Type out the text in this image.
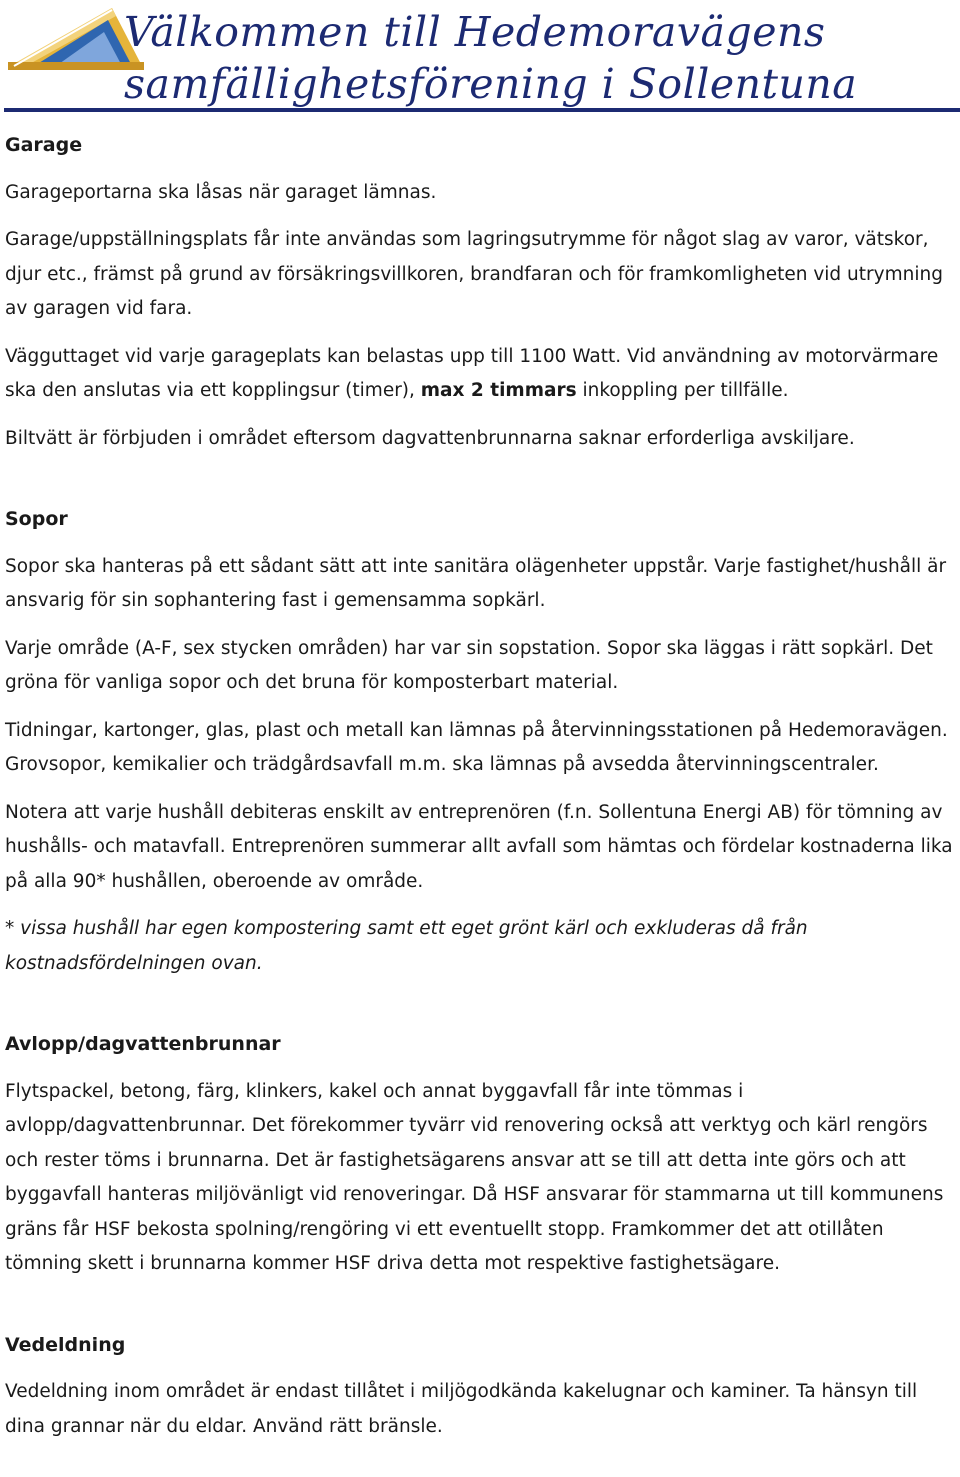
Välkommen till Hedemoravägens
samfällighetsförening i Sollentuna
Garage

Garageportarna ska låsas när garaget lämnas.

Garage/uppställningsplats får inte användas som lagringsutrymme för något slag av varor, vätskor, djur etc., främst på grund av försäkringsvillkoren, brandfaran och för framkomligheten vid utrymning av garagen vid fara.

Vägguttaget vid varje garageplats kan belastas upp till 1100 Watt. Vid användning av motorvärmare ska den anslutas via ett kopplingsur (timer), max 2 timmars inkoppling per tillfälle.

Biltvätt är förbjuden i området eftersom dagvattenbrunnarna saknar erforderliga avskiljare.

Sopor

Sopor ska hanteras på ett sådant sätt att inte sanitära olägenheter uppstår. Varje fastighet/hushåll är ansvarig för sin sophantering fast i gemensamma sopkärl.

Varje område (A-F, sex stycken områden) har var sin sopstation. Sopor ska läggas i rätt sopkärl. Det gröna för vanliga sopor och det bruna för komposterbart material.

Tidningar, kartonger, glas, plast och metall kan lämnas på återvinningsstationen på Hedemoravägen. Grovsopor, kemikalier och trädgårdsavfall m.m. ska lämnas på avsedda återvinningscentraler.

Notera att varje hushåll debiteras enskilt av entreprenören (f.n. Sollentuna Energi AB) för tömning av hushålls- och matavfall. Entreprenören summerar allt avfall som hämtas och fördelar kostnaderna lika på alla 90* hushållen, oberoende av område.

* vissa hushåll har egen kompostering samt ett eget grönt kärl och exkluderas då från kostnadsfördelningen ovan.

Avlopp/dagvattenbrunnar

Flytspackel, betong, färg, klinkers, kakel och annat byggavfall får inte tömmas i avlopp/dagvattenbrunnar. Det förekommer tyvärr vid renovering också att verktyg och kärl rengörs och rester töms i brunnarna. Det är fastighetsägarens ansvar att se till att detta inte görs och att byggavfall hanteras miljövänligt vid renoveringar. Då HSF ansvarar för stammarna ut till kommunens gräns får HSF bekosta spolning/rengöring vi ett eventuellt stopp. Framkommer det att otillåten tömning skett i brunnarna kommer HSF driva detta mot respektive fastighetsägare.

Vedeldning

Vedeldning inom området är endast tillåtet i miljögodkända kakelugnar och kaminer. Ta hänsyn till dina grannar när du eldar. Använd rätt bränsle.
